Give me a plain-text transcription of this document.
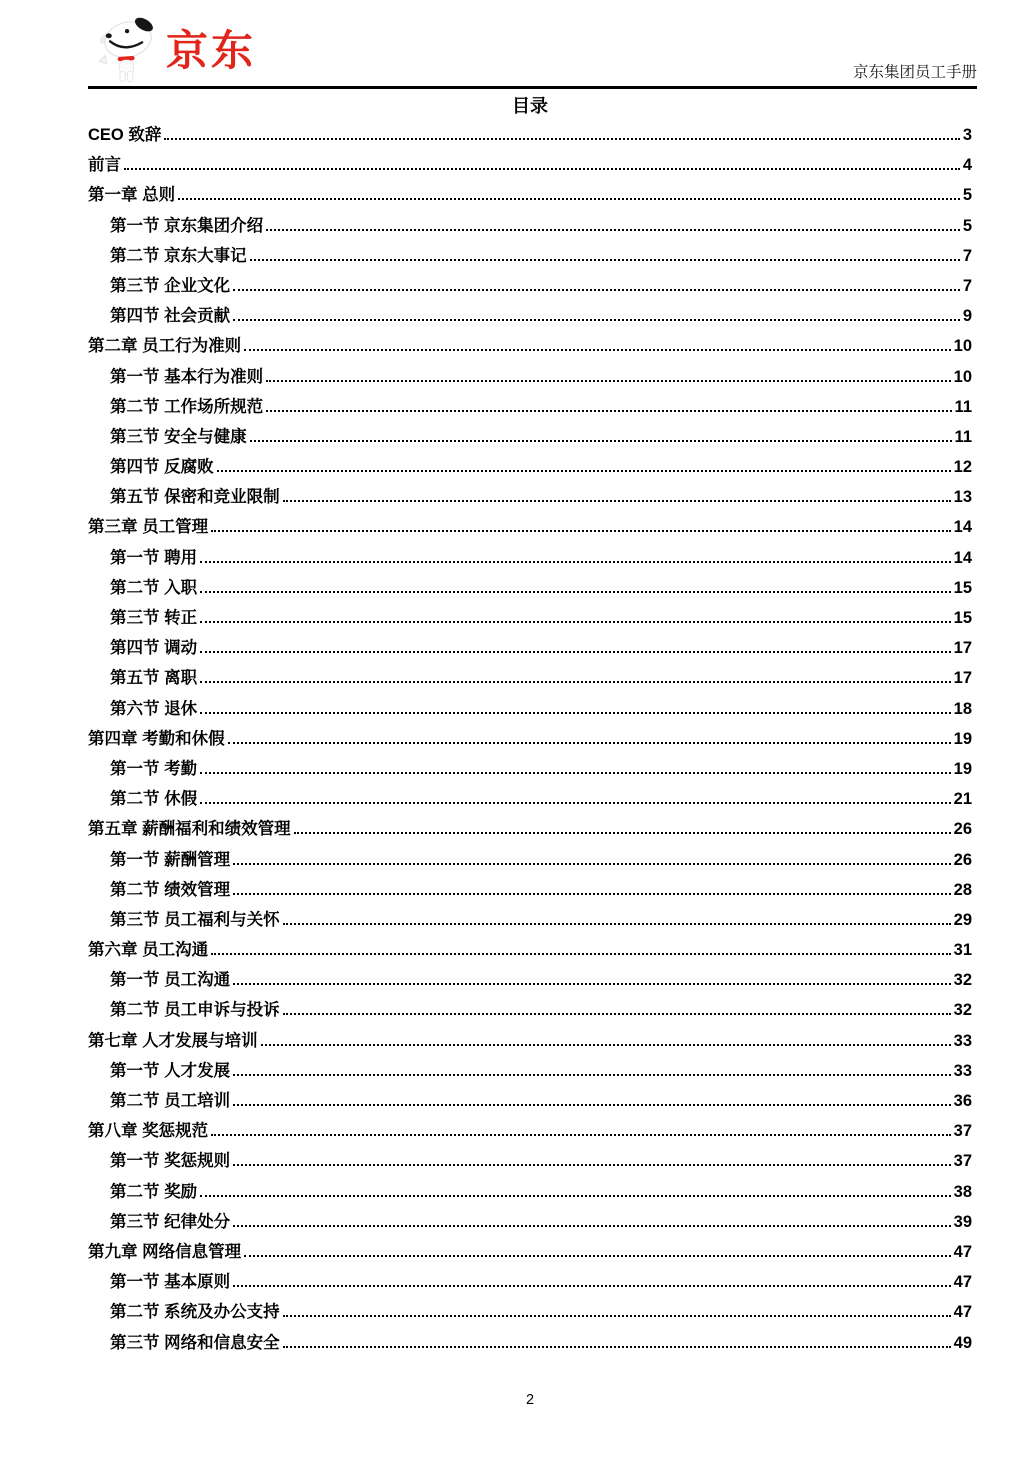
京东	京东集团员工手册
目录
CEO 致辞	3
前言	4
第一章 总则	5
第一节 京东集团介绍	5
第二节 京东大事记	7
第三节 企业文化	7
第四节 社会贡献	9
第二章 员工行为准则	10
第一节 基本行为准则	10
第二节 工作场所规范	11
第三节 安全与健康	11
第四节 反腐败	12
第五节 保密和竞业限制	13
第三章 员工管理	14
第一节 聘用	14
第二节 入职	15
第三节 转正	15
第四节 调动	17
第五节 离职	17
第六节 退休	18
第四章 考勤和休假	19
第一节 考勤	19
第二节 休假	21
第五章 薪酬福利和绩效管理	26
第一节 薪酬管理	26
第二节 绩效管理	28
第三节 员工福利与关怀	29
第六章 员工沟通	31
第一节 员工沟通	32
第二节 员工申诉与投诉	32
第七章 人才发展与培训	33
第一节 人才发展	33
第二节 员工培训	36
第八章 奖惩规范	37
第一节 奖惩规则	37
第二节 奖励	38
第三节 纪律处分	39
第九章 网络信息管理	47
第一节 基本原则	47
第二节 系统及办公支持	47
第三节 网络和信息安全	49
2
